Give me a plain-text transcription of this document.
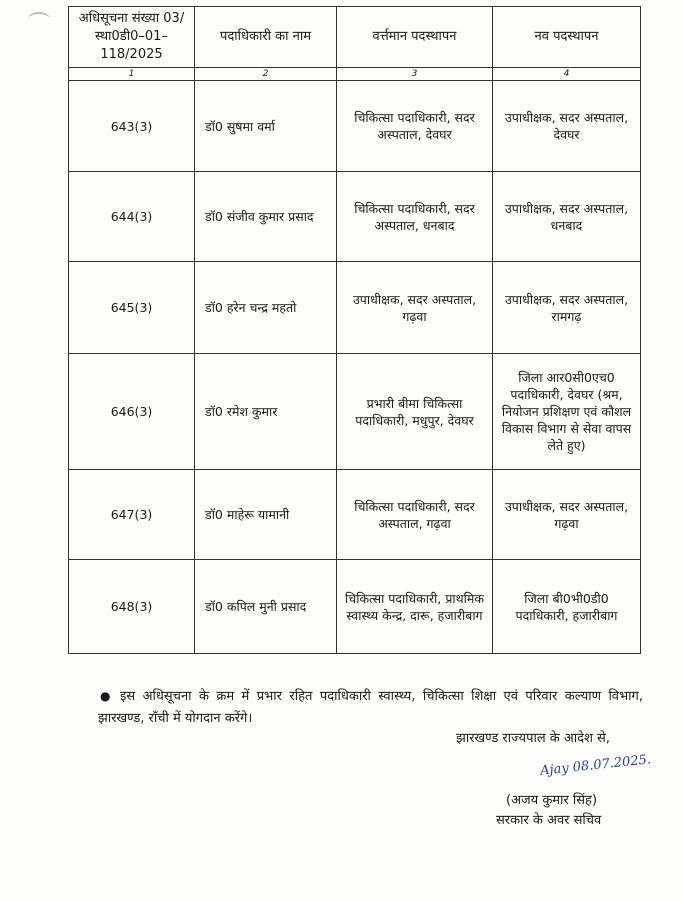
अधिसूचना संख्या 03/स्था0डी0–01–118/2025	पदाधिकारी का नाम	वर्त्तमान पदस्थापन	नव पदस्थापन
1	2	3	4
643(3)	डॉ0 सुषमा वर्मा	चिकित्सा पदाधिकारी, सदर अस्पताल, देवघर	उपाधीक्षक, सदर अस्पताल, देवघर
644(3)	डॉ0 संजीव कुमार प्रसाद	चिकित्सा पदाधिकारी, सदर अस्पताल, धनबाद	उपाधीक्षक, सदर अस्पताल, धनबाद
645(3)	डॉ0 हरेन चन्द्र महतो	उपाधीक्षक, सदर अस्पताल, गढ़वा	उपाधीक्षक, सदर अस्पताल, रामगढ़
646(3)	डॉ0 रमेश कुमार	प्रभारी बीमा चिकित्सा पदाधिकारी, मधुपुर, देवघर	जिला आर0सी0एच0 पदाधिकारी, देवघर (श्रम, नियोजन प्रशिक्षण एवं कौशल विकास विभाग से सेवा वापस लेते हुए)
647(3)	डॉ0 माहेरू यामानी	चिकित्सा पदाधिकारी, सदर अस्पताल, गढ़वा	उपाधीक्षक, सदर अस्पताल, गढ़वा
648(3)	डॉ0 कपिल मुनी प्रसाद	चिकित्सा पदाधिकारी, प्राथमिक स्वास्थ्य केन्द्र, दारू, हजारीबाग	जिला बी0भी0डी0 पदाधिकारी, हजारीबाग
● इस अधिसूचना के क्रम में प्रभार रहित पदाधिकारी स्वास्थ्य, चिकित्सा शिक्षा एवं परिवार कल्याण विभाग, झारखण्ड, राँची में योगदान करेंगे।
झारखण्ड राज्यपाल के आदेश से,
Ajay 08.07.2025.
(अजय कुमार सिंह)
सरकार के अवर सचिव
